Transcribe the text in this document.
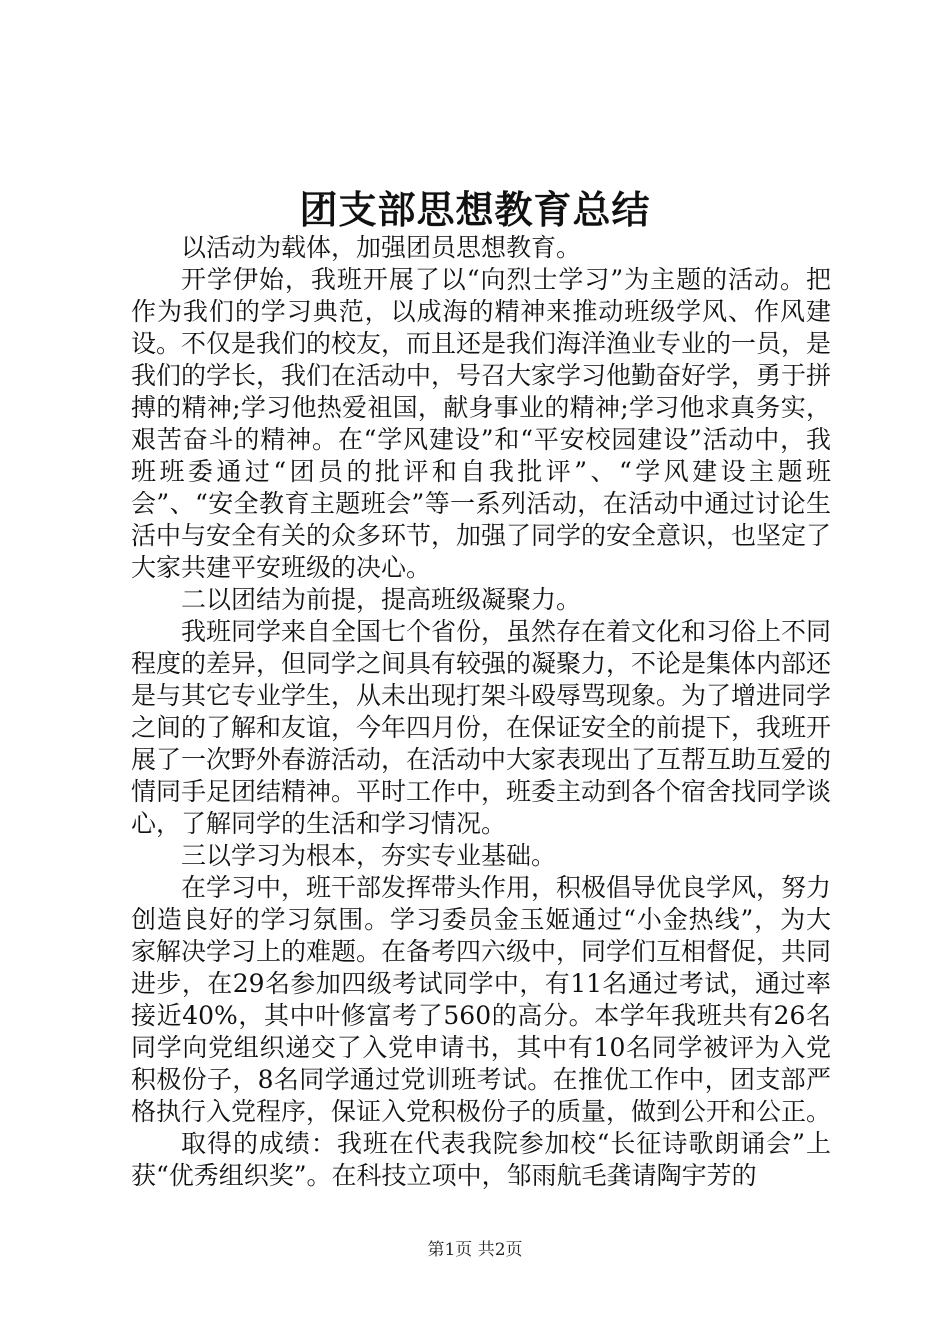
团支部思想教育总结

以活动为载体，加强团员思想教育。

开学伊始，我班开展了以“向烈士学习”为主题的活动。把作为我们的学习典范，以成海的精神来推动班级学风、作风建设。不仅是我们的校友，而且还是我们海洋渔业专业的一员，是我们的学长，我们在活动中，号召大家学习他勤奋好学，勇于拼搏的精神;学习他热爱祖国，献身事业的精神;学习他求真务实，艰苦奋斗的精神。在“学风建设”和“平安校园建设”活动中，我班班委通过“团员的批评和自我批评”、“学风建设主题班会”、“安全教育主题班会”等一系列活动，在活动中通过讨论生活中与安全有关的众多环节，加强了同学的安全意识，也坚定了大家共建平安班级的决心。

二以团结为前提，提高班级凝聚力。

我班同学来自全国七个省份，虽然存在着文化和习俗上不同程度的差异，但同学之间具有较强的凝聚力，不论是集体内部还是与其它专业学生，从未出现打架斗殴辱骂现象。为了增进同学之间的了解和友谊，今年四月份，在保证安全的前提下，我班开展了一次野外春游活动，在活动中大家表现出了互帮互助互爱的情同手足团结精神。平时工作中，班委主动到各个宿舍找同学谈心，了解同学的生活和学习情况。

三以学习为根本，夯实专业基础。

在学习中，班干部发挥带头作用，积极倡导优良学风，努力创造良好的学习氛围。学习委员金玉姬通过“小金热线”，为大家解决学习上的难题。在备考四六级中，同学们互相督促，共同进步，在29名参加四级考试同学中，有11名通过考试，通过率接近40%，其中叶修富考了560的高分。本学年我班共有26名同学向党组织递交了入党申请书，其中有10名同学被评为入党积极份子，8名同学通过党训班考试。在推优工作中，团支部严格执行入党程序，保证入党积极份子的质量，做到公开和公正。

取得的成绩：我班在代表我院参加校“长征诗歌朗诵会”上获“优秀组织奖”。在科技立项中，邹雨航毛龚请陶宇芳的

第1页 共2页
